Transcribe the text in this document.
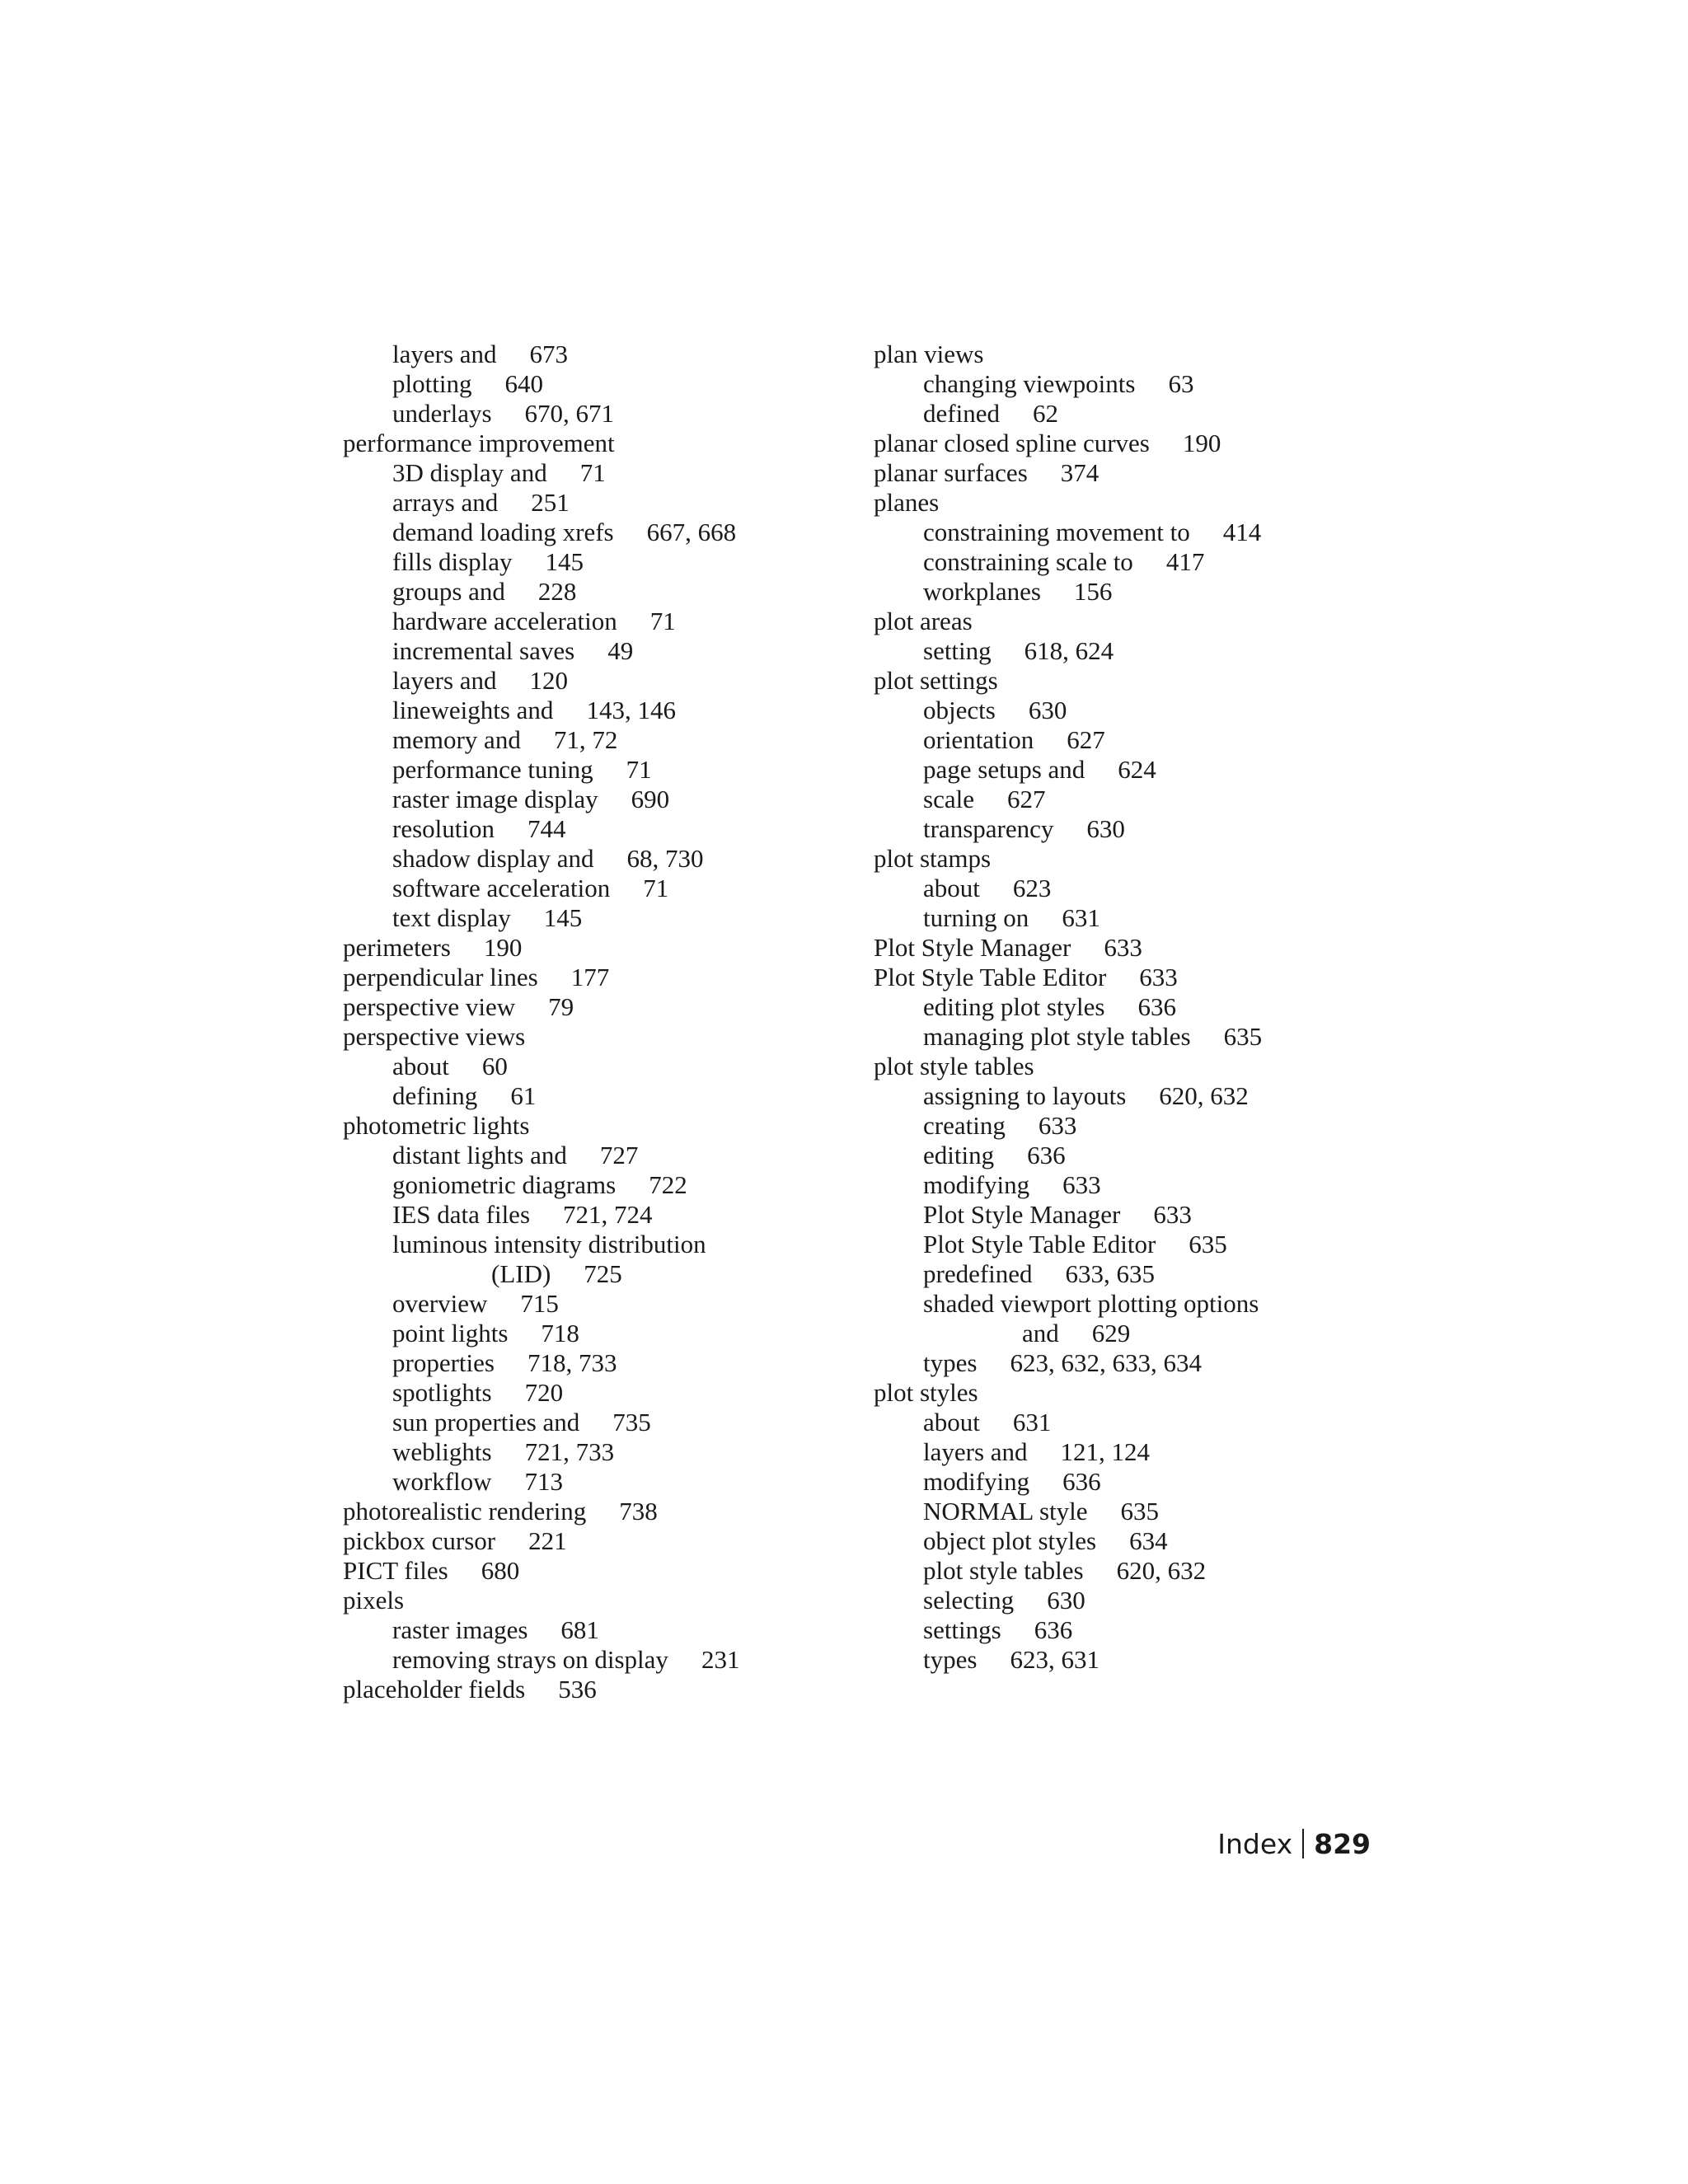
layers and 673
plotting 640
underlays 670, 671
performance improvement
3D display and 71
arrays and 251
demand loading xrefs 667, 668
fills display 145
groups and 228
hardware acceleration 71
incremental saves 49
layers and 120
lineweights and 143, 146
memory and 71, 72
performance tuning 71
raster image display 690
resolution 744
shadow display and 68, 730
software acceleration 71
text display 145
perimeters 190
perpendicular lines 177
perspective view 79
perspective views
about 60
defining 61
photometric lights
distant lights and 727
goniometric diagrams 722
IES data files 721, 724
luminous intensity distribution
(LID) 725
overview 715
point lights 718
properties 718, 733
spotlights 720
sun properties and 735
weblights 721, 733
workflow 713
photorealistic rendering 738
pickbox cursor 221
PICT files 680
pixels
raster images 681
removing strays on display 231
placeholder fields 536
plan views
changing viewpoints 63
defined 62
planar closed spline curves 190
planar surfaces 374
planes
constraining movement to 414
constraining scale to 417
workplanes 156
plot areas
setting 618, 624
plot settings
objects 630
orientation 627
page setups and 624
scale 627
transparency 630
plot stamps
about 623
turning on 631
Plot Style Manager 633
Plot Style Table Editor 633
editing plot styles 636
managing plot style tables 635
plot style tables
assigning to layouts 620, 632
creating 633
editing 636
modifying 633
Plot Style Manager 633
Plot Style Table Editor 635
predefined 633, 635
shaded viewport plotting options
and 629
types 623, 632, 633, 634
plot styles
about 631
layers and 121, 124
modifying 636
NORMAL style 635
object plot styles 634
plot style tables 620, 632
selecting 630
settings 636
types 623, 631
Index 829
